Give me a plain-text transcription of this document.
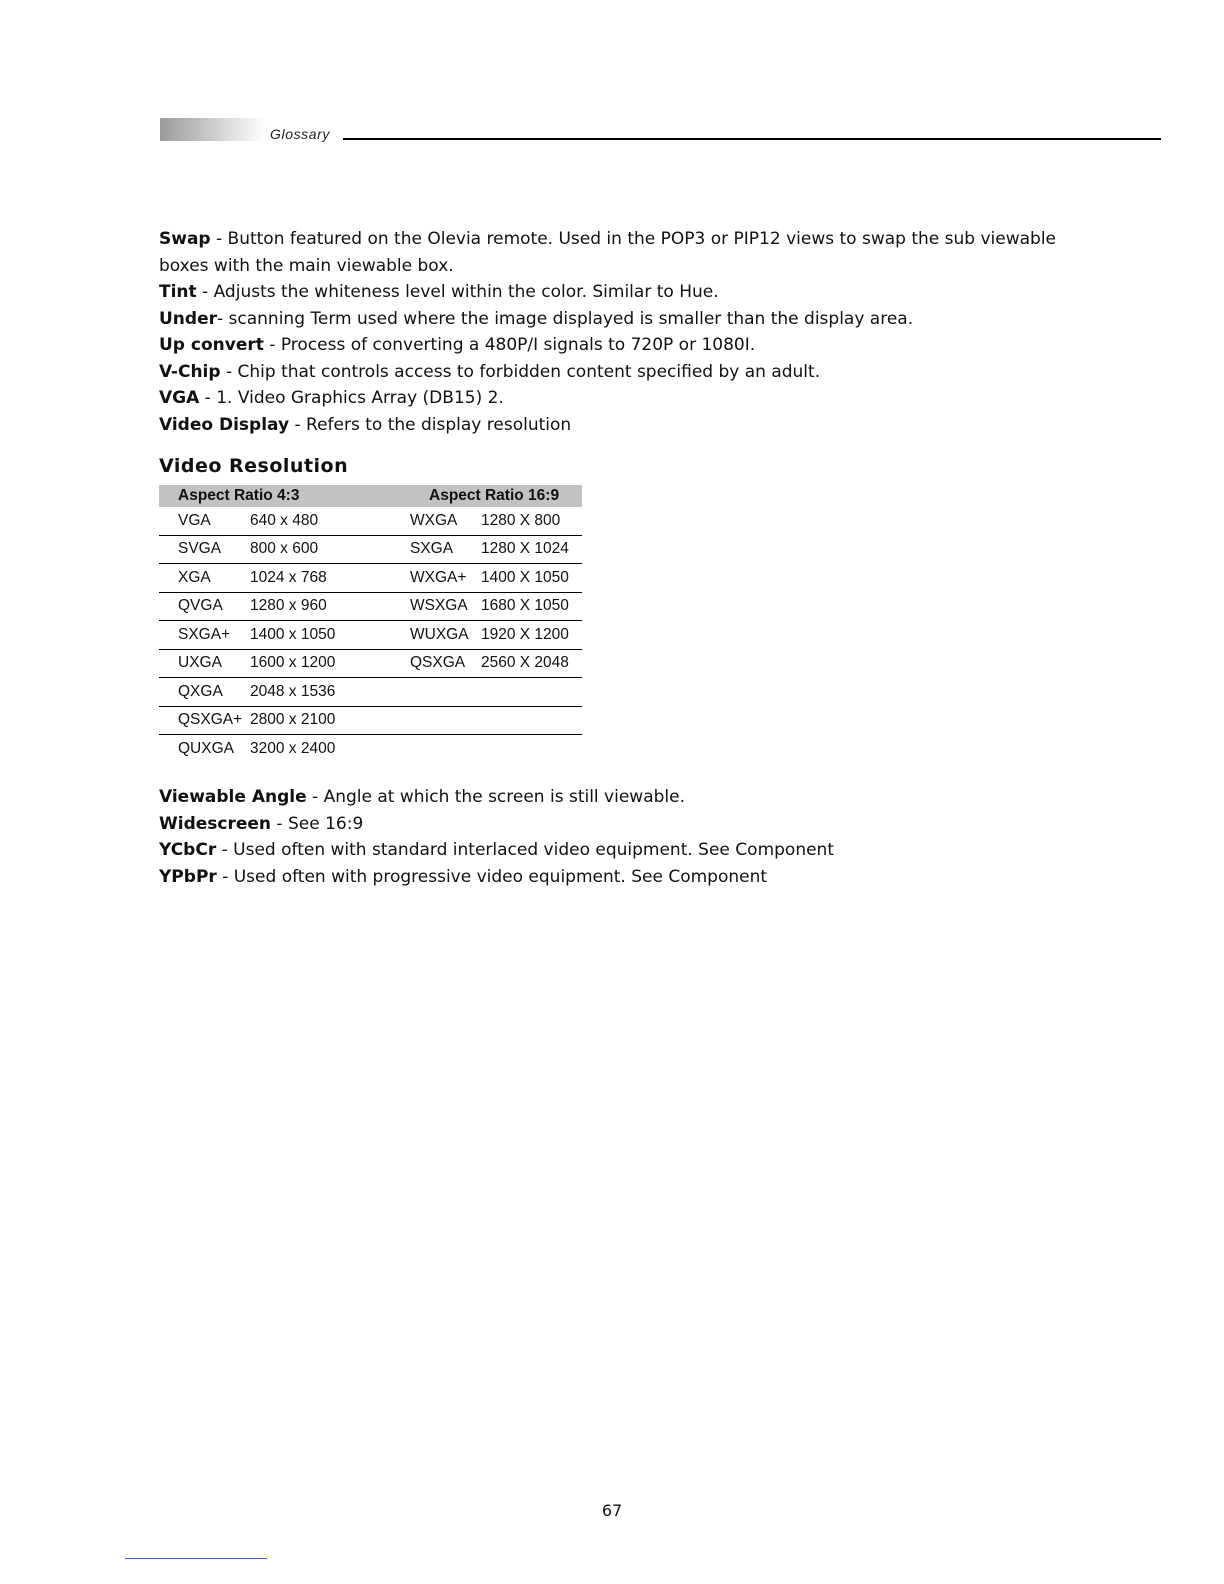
Glossary

Swap - Button featured on the Olevia remote. Used in the POP3 or PIP12 views to swap the sub viewable boxes with the main viewable box.

Tint - Adjusts the whiteness level within the color. Similar to Hue.

Under- scanning Term used where the image displayed is smaller than the display area.

Up convert - Process of converting a 480P/I signals to 720P or 1080I.

V-Chip - Chip that controls access to forbidden content specified by an adult.

VGA - 1. Video Graphics Array (DB15) 2.

Video Display - Refers to the display resolution

Video Resolution
Aspect Ratio 4:3		Aspect Ratio 16:9	
VGA	640 x 480	WXGA	1280 X 800
SVGA	800 x 600	SXGA	1280 X 1024
XGA	1024 x 768	WXGA+	1400 X 1050
QVGA	1280 x 960	WSXGA	1680 X 1050
SXGA+	1400 x 1050	WUXGA	1920 X 1200
UXGA	1600 x 1200	QSXGA	2560 X 2048
QXGA	2048 x 1536		
QSXGA+	2800 x 2100		
QUXGA	3200 x 2400		

Viewable Angle - Angle at which the screen is still viewable.

Widescreen - See 16:9

YCbCr - Used often with standard interlaced video equipment. See Component

YPbPr - Used often with progressive video equipment. See Component

67
